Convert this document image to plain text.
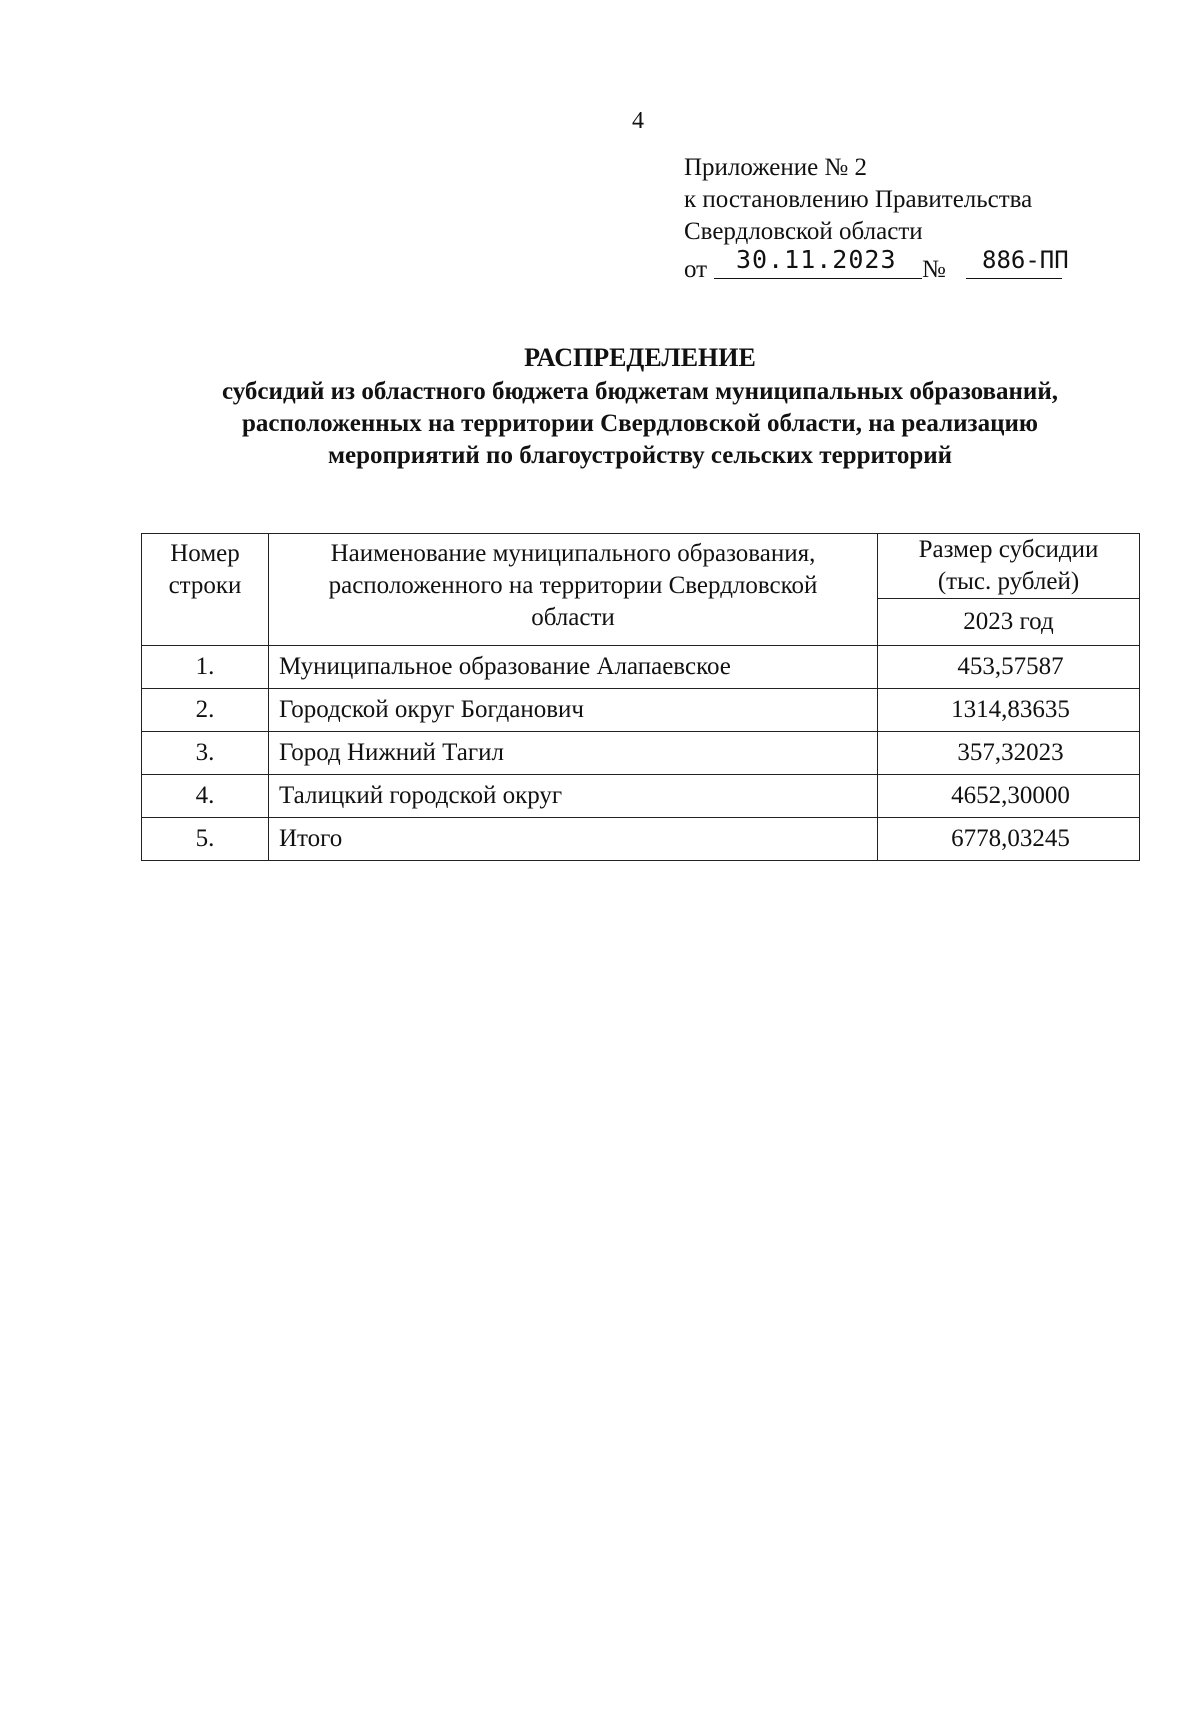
4
Приложение № 2
к постановлению Правительства
Свердловской области
от 30.11.2023 № 886-ПП
РАСПРЕДЕЛЕНИЕ
субсидий из областного бюджета бюджетам муниципальных образований,
расположенных на территории Свердловской области, на реализацию
мероприятий по благоустройству сельских территорий
Номер строки	Наименование муниципального образования, расположенного на территории Свердловской области	Размер субсидии (тыс. рублей)

		2023 год
1.	Муниципальное образование Алапаевское	453,57587
2.	Городской округ Богданович	1314,83635
3.	Город Нижний Тагил	357,32023
4.	Талицкий городской округ	4652,30000
5.	Итого	6778,03245
